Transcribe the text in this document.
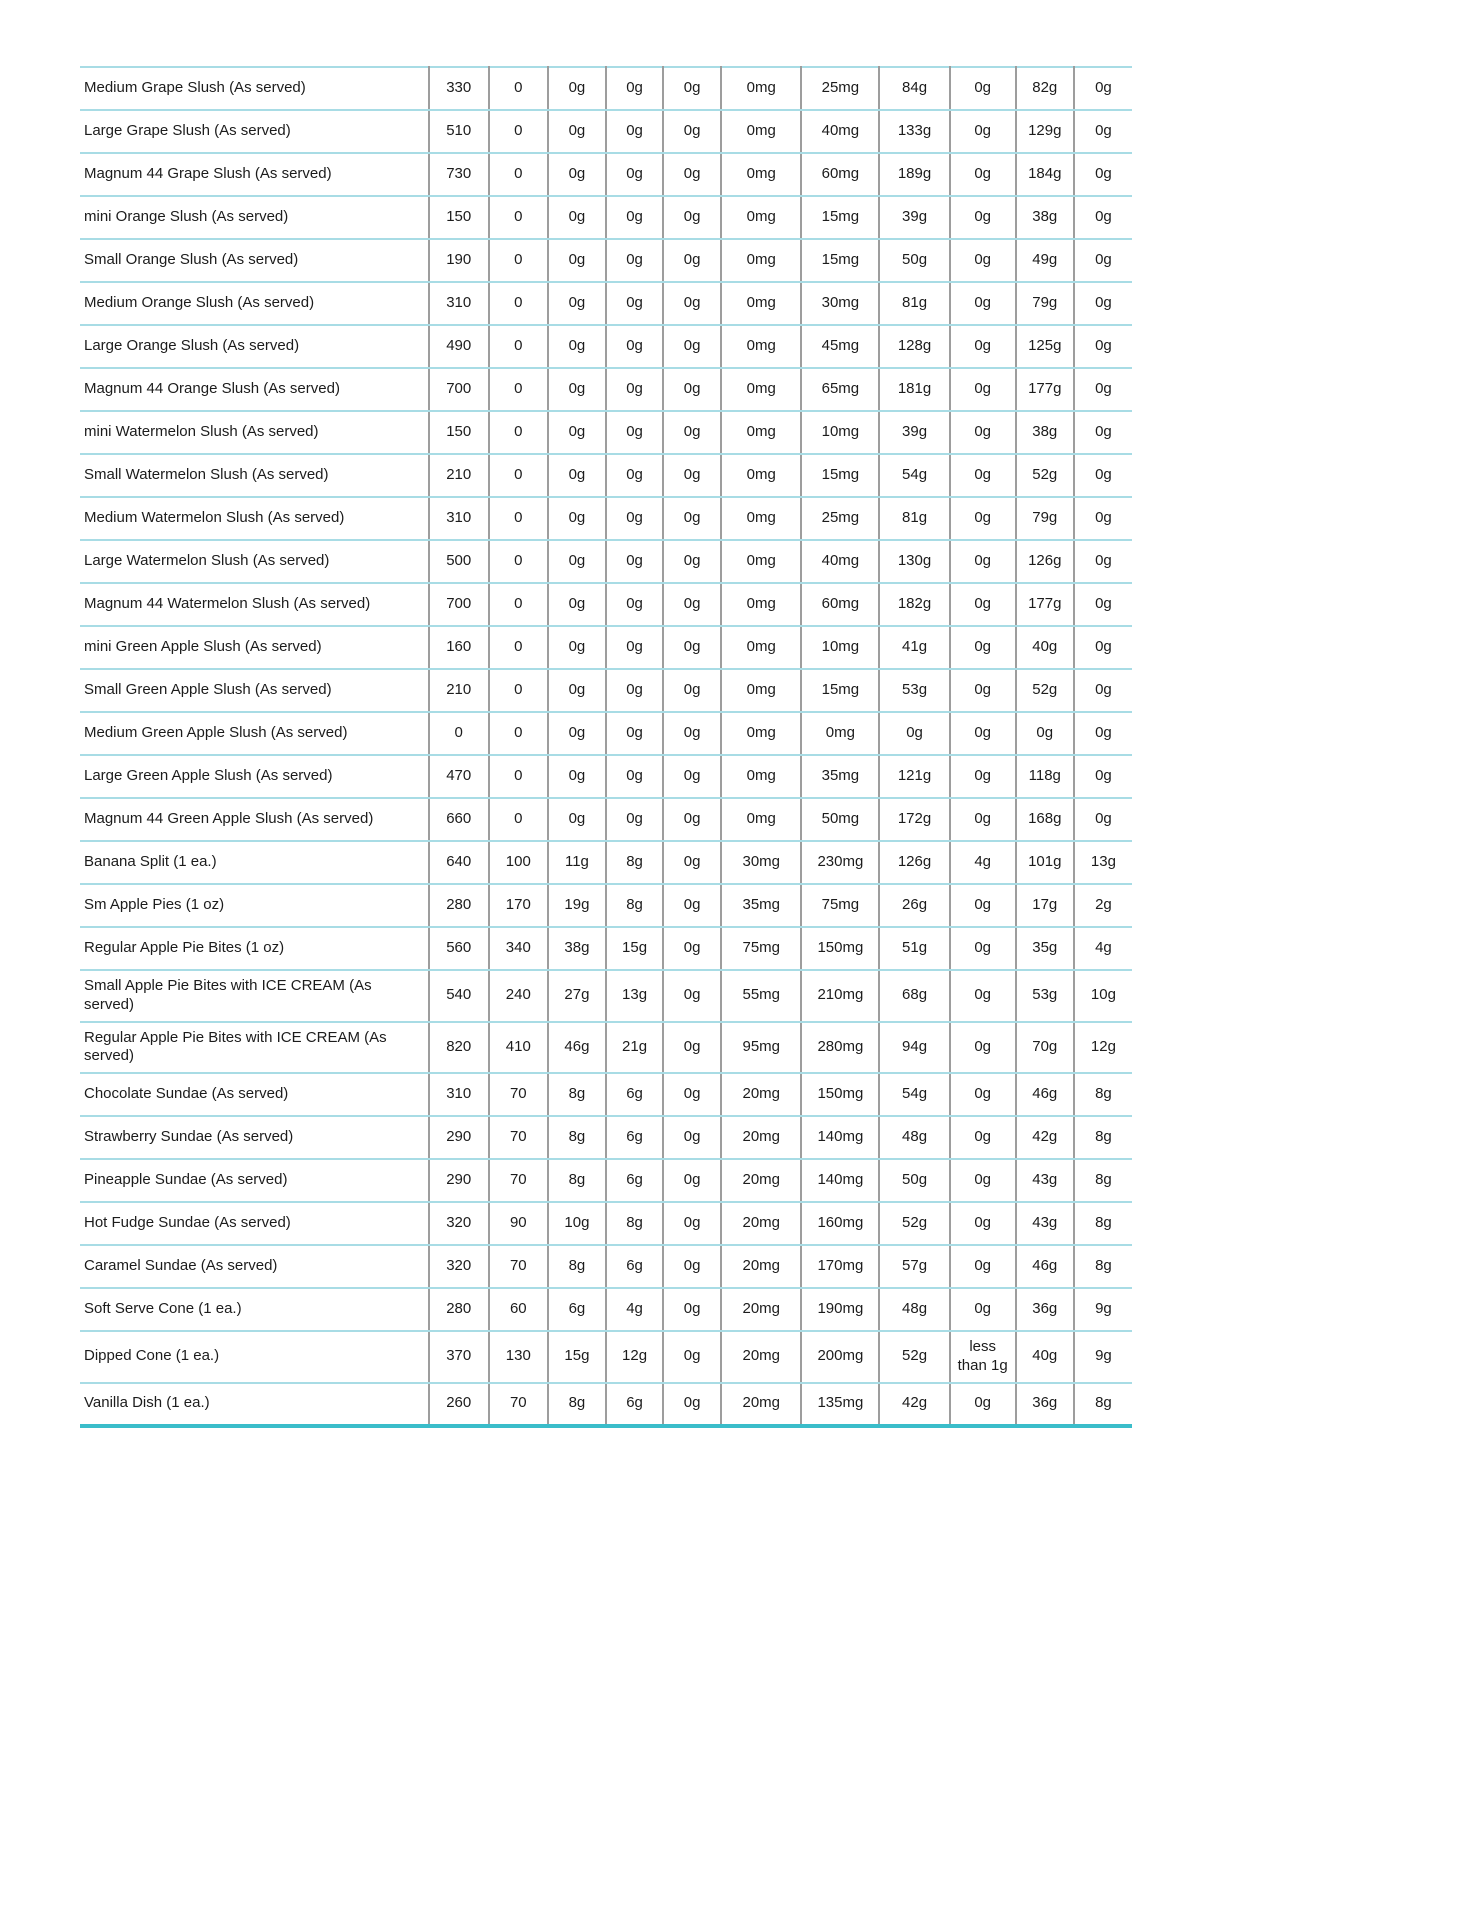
Medium Grape Slush (As served)	330	0	0g	0g	0g	0mg	25mg	84g	0g	82g	0g
Large Grape Slush (As served)	510	0	0g	0g	0g	0mg	40mg	133g	0g	129g	0g
Magnum 44 Grape Slush (As served)	730	0	0g	0g	0g	0mg	60mg	189g	0g	184g	0g
mini Orange Slush (As served)	150	0	0g	0g	0g	0mg	15mg	39g	0g	38g	0g
Small Orange Slush (As served)	190	0	0g	0g	0g	0mg	15mg	50g	0g	49g	0g
Medium Orange Slush (As served)	310	0	0g	0g	0g	0mg	30mg	81g	0g	79g	0g
Large Orange Slush (As served)	490	0	0g	0g	0g	0mg	45mg	128g	0g	125g	0g
Magnum 44 Orange Slush (As served)	700	0	0g	0g	0g	0mg	65mg	181g	0g	177g	0g
mini Watermelon Slush (As served)	150	0	0g	0g	0g	0mg	10mg	39g	0g	38g	0g
Small Watermelon Slush (As served)	210	0	0g	0g	0g	0mg	15mg	54g	0g	52g	0g
Medium Watermelon Slush (As served)	310	0	0g	0g	0g	0mg	25mg	81g	0g	79g	0g
Large Watermelon Slush (As served)	500	0	0g	0g	0g	0mg	40mg	130g	0g	126g	0g
Magnum 44 Watermelon Slush (As served)	700	0	0g	0g	0g	0mg	60mg	182g	0g	177g	0g
mini Green Apple Slush (As served)	160	0	0g	0g	0g	0mg	10mg	41g	0g	40g	0g
Small Green Apple Slush (As served)	210	0	0g	0g	0g	0mg	15mg	53g	0g	52g	0g
Medium Green Apple Slush (As served)	0	0	0g	0g	0g	0mg	0mg	0g	0g	0g	0g
Large Green Apple Slush (As served)	470	0	0g	0g	0g	0mg	35mg	121g	0g	118g	0g
Magnum 44 Green Apple Slush (As served)	660	0	0g	0g	0g	0mg	50mg	172g	0g	168g	0g
Banana Split (1 ea.)	640	100	11g	8g	0g	30mg	230mg	126g	4g	101g	13g
Sm Apple Pies (1 oz)	280	170	19g	8g	0g	35mg	75mg	26g	0g	17g	2g
Regular Apple Pie Bites (1 oz)	560	340	38g	15g	0g	75mg	150mg	51g	0g	35g	4g
Small Apple Pie Bites with ICE CREAM (As served)	540	240	27g	13g	0g	55mg	210mg	68g	0g	53g	10g
Regular Apple Pie Bites with ICE CREAM (As served)	820	410	46g	21g	0g	95mg	280mg	94g	0g	70g	12g
Chocolate Sundae (As served)	310	70	8g	6g	0g	20mg	150mg	54g	0g	46g	8g
Strawberry Sundae (As served)	290	70	8g	6g	0g	20mg	140mg	48g	0g	42g	8g
Pineapple Sundae (As served)	290	70	8g	6g	0g	20mg	140mg	50g	0g	43g	8g
Hot Fudge Sundae (As served)	320	90	10g	8g	0g	20mg	160mg	52g	0g	43g	8g
Caramel Sundae (As served)	320	70	8g	6g	0g	20mg	170mg	57g	0g	46g	8g
Soft Serve Cone (1 ea.)	280	60	6g	4g	0g	20mg	190mg	48g	0g	36g	9g
Dipped Cone (1 ea.)	370	130	15g	12g	0g	20mg	200mg	52g	less than 1g	40g	9g
Vanilla Dish (1 ea.)	260	70	8g	6g	0g	20mg	135mg	42g	0g	36g	8g
